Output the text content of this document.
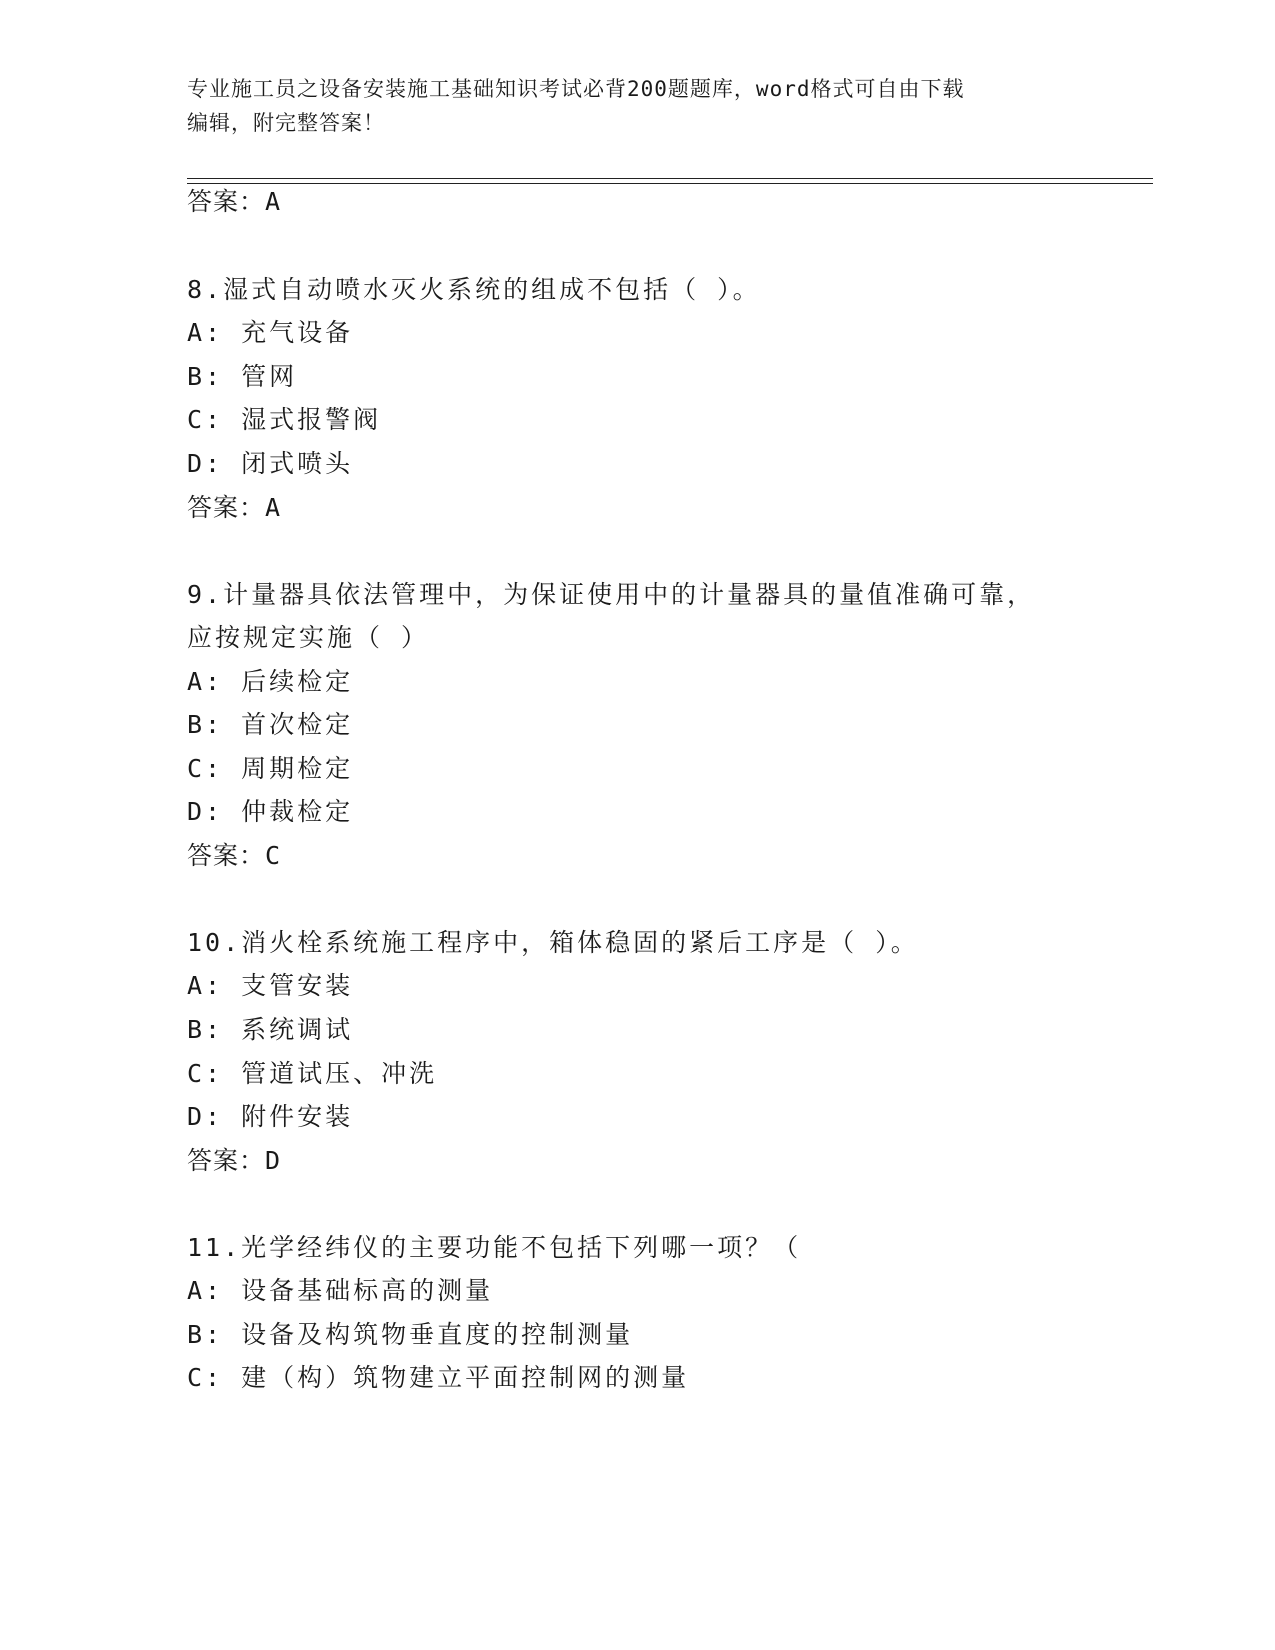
专业施工员之设备安装施工基础知识考试必背200题题库，word格式可自由下载
编辑，附完整答案！
答案：A
8.湿式自动喷水灭火系统的组成不包括（ ）。
A: 充气设备
B: 管网
C: 湿式报警阀
D: 闭式喷头
答案：A
9.计量器具依法管理中，为保证使用中的计量器具的量值准确可靠，
应按规定实施（ ）
A: 后续检定
B: 首次检定
C: 周期检定
D: 仲裁检定
答案：C
10.消火栓系统施工程序中，箱体稳固的紧后工序是（ ）。
A: 支管安装
B: 系统调试
C: 管道试压、冲洗
D: 附件安装
答案：D
11.光学经纬仪的主要功能不包括下列哪一项？（
A: 设备基础标高的测量
B: 设备及构筑物垂直度的控制测量
C: 建（构）筑物建立平面控制网的测量
